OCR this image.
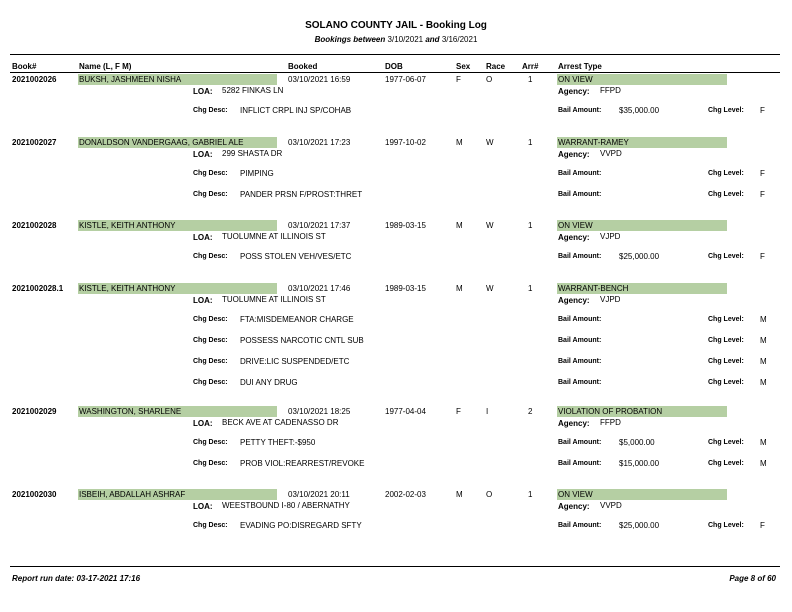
SOLANO COUNTY JAIL - Booking Log
Bookings between 3/10/2021 and 3/16/2021
Book#	Name (L, F M)	Booked	DOB	Sex Race Arr# Arrest Type
2021002026	BUKSH, JASHMEEN NISHA	03/10/2021 16:59	1977-06-07	F	O	1	ON VIEW
LOA: 5282 FINKAS LN	Agency: FFPD
Chg Desc: INFLICT CRPL INJ SP/COHAB	Bail Amount: $35,000.00	Chg Level: F
2021002027	DONALDSON VANDERGAAG, GABRIEL ALE	03/10/2021 17:23	1997-10-02	M	W	1	WARRANT-RAMEY
LOA: 299 SHASTA DR	Agency: VVPD
Chg Desc: PIMPING	Bail Amount:	Chg Level: F
Chg Desc: PANDER PRSN F/PROST:THRET	Bail Amount:	Chg Level: F
2021002028	KISTLE, KEITH ANTHONY	03/10/2021 17:37	1989-03-15	M	W	1	ON VIEW
LOA: TUOLUMNE AT ILLINOIS ST	Agency: VJPD
Chg Desc: POSS STOLEN VEH/VES/ETC	Bail Amount: $25,000.00	Chg Level: F
2021002028.1 KISTLE, KEITH ANTHONY	03/10/2021 17:46	1989-03-15	M	W	1	WARRANT-BENCH
LOA: TUOLUMNE AT ILLINOIS ST	Agency: VJPD
Chg Desc: FTA:MISDEMEANOR CHARGE	Bail Amount:	Chg Level: M
Chg Desc: POSSESS NARCOTIC CNTL SUB	Bail Amount:	Chg Level: M
Chg Desc: DRIVE:LIC SUSPENDED/ETC	Bail Amount:	Chg Level: M
Chg Desc: DUI ANY DRUG	Bail Amount:	Chg Level: M
2021002029	WASHINGTON, SHARLENE	03/10/2021 18:25	1977-04-04	F	I	2	VIOLATION OF PROBATION
LOA: BECK AVE AT CADENASSO DR	Agency: FFPD
Chg Desc: PETTY THEFT:-$950	Bail Amount: $5,000.00	Chg Level: M
Chg Desc: PROB VIOL:REARREST/REVOKE	Bail Amount: $15,000.00	Chg Level: M
2021002030	ISBEIH, ABDALLAH ASHRAF	03/10/2021 20:11	2002-02-03	M	O	1	ON VIEW
LOA: WEESTBOUND I-80 / ABERNATHY	Agency: VVPD
Chg Desc: EVADING PO:DISREGARD SFTY	Bail Amount: $25,000.00	Chg Level: F
Report run date: 03-17-2021 17:16	Page 8 of 60
